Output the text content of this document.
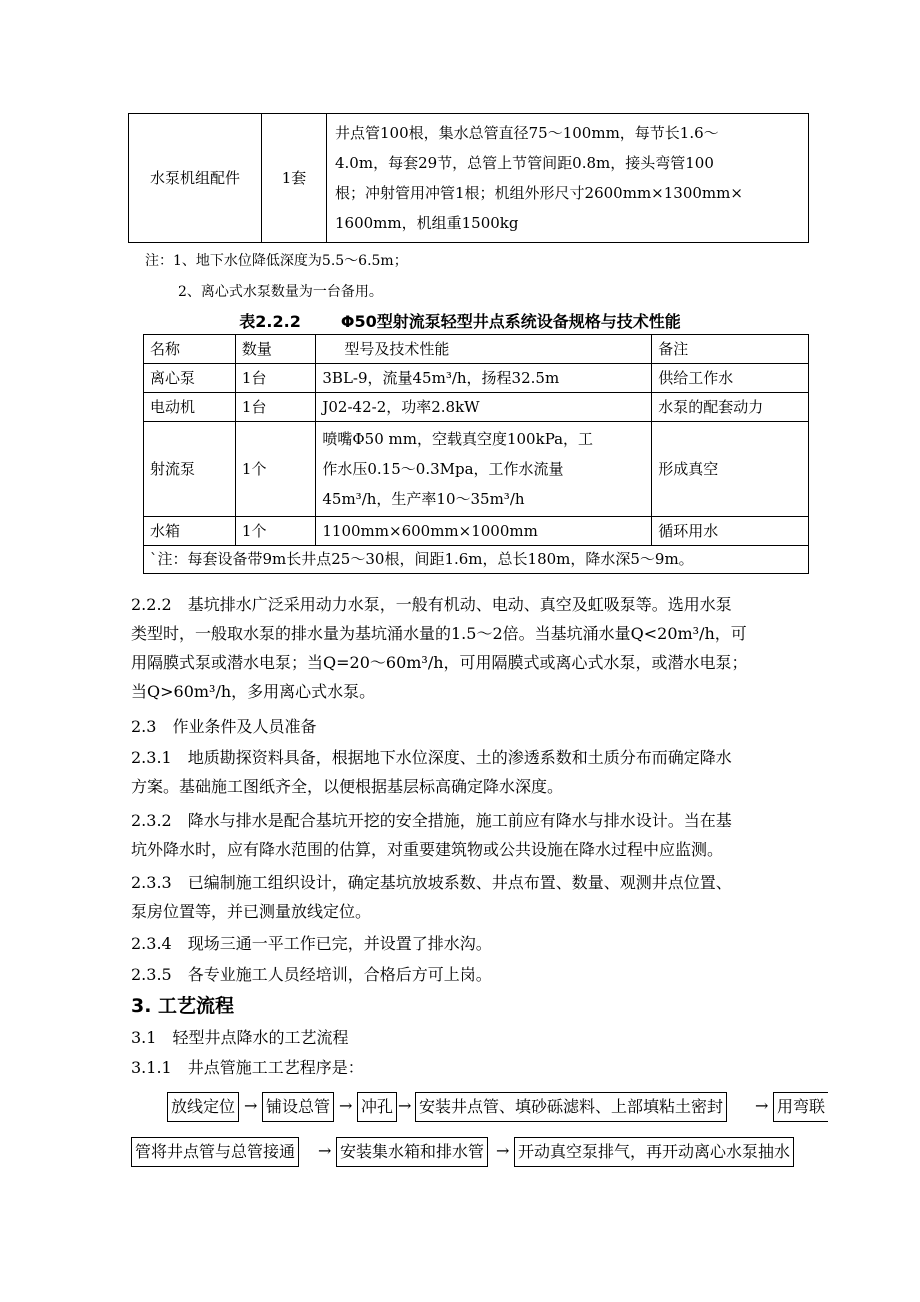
水泵机组配件	1套	
井点管100根，集水总管直径75～100mm，每节长1.6～
4.0m，每套29节，总管上节管间距0.8m，接头弯管100
根；冲射管用冲管1根；机组外形尺寸2600mm×1300mm×
1600mm，机组重1500kg
注：1、地下水位降低深度为5.5～6.5m；
2、离心式水泵数量为一台备用。
表2.2.2	Φ50型射流泵轻型井点系统设备规格与技术性能
名称	数量	型号及技术性能	备注
离心泵	1台	3BL-9，流量45m³/h，扬程32.5m	供给工作水
电动机	1台	J02-42-2，功率2.8kW	水泵的配套动力
射流泵	1个	喷嘴Φ50 mm，空载真空度100kPa，工
作水压0.15～0.3Mpa，工作水流量
45m³/h，生产率10～35m³/h	形成真空
水箱	1个	1100mm×600mm×1000mm	循环用水
`注：每套设备带9m长井点25～30根，间距1.6m，总长180m，降水深5～9m。			
2.2.2　基坑排水广泛采用动力水泵，一般有机动、电动、真空及虹吸泵等。选用水泵
类型时，一般取水泵的排水量为基坑涌水量的1.5～2倍。当基坑涌水量Q<20m³/h，可
用隔膜式泵或潜水电泵；当Q=20～60m³/h，可用隔膜式或离心式水泵，或潜水电泵；
当Q>60m³/h，多用离心式水泵。
2.3　作业条件及人员准备
2.3.1　地质勘探资料具备，根据地下水位深度、土的渗透系数和土质分布而确定降水
方案。基础施工图纸齐全，以便根据基层标高确定降水深度。
2.3.2　降水与排水是配合基坑开挖的安全措施，施工前应有降水与排水设计。当在基
坑外降水时，应有降水范围的估算，对重要建筑物或公共设施在降水过程中应监测。
2.3.3　已编制施工组织设计，确定基坑放坡系数、井点布置、数量、观测井点位置、
泵房位置等，并已测量放线定位。
2.3.4　现场三通一平工作已完，并设置了排水沟。
2.3.5　各专业施工人员经培训，合格后方可上岗。
3. 工艺流程
3.1　轻型井点降水的工艺流程
3.1.1　井点管施工工艺程序是：
放线定位 → 铺设总管 → 冲孔 → 安装井点管、填砂砾滤料、上部填粘土密封 → 用弯联
管将井点管与总管接通 → 安装集水箱和排水管 → 开动真空泵排气，再开动离心水泵抽水
